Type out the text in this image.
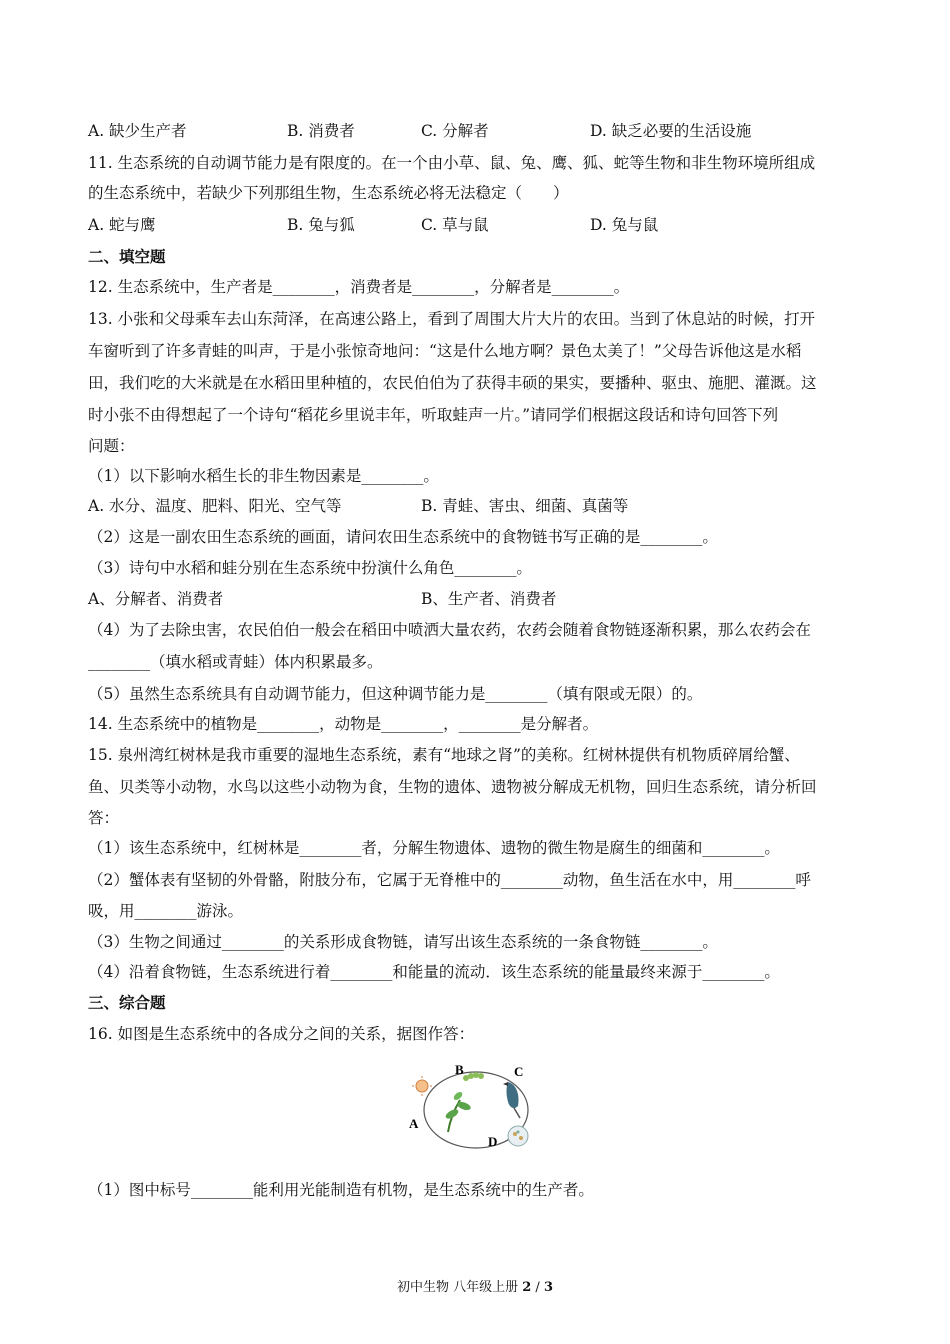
A. 缺少生产者	B. 消费者	C. 分解者	D. 缺乏必要的生活设施
11. 生态系统的自动调节能力是有限度的。在一个由小草、鼠、兔、鹰、狐、蛇等生物和非生物环境所组成
的生态系统中，若缺少下列那组生物，生态系统必将无法稳定（　　）
A. 蛇与鹰	B. 兔与狐	C. 草与鼠	D. 兔与鼠
二、填空题
12. 生态系统中，生产者是________，消费者是________，分解者是________。
13. 小张和父母乘车去山东菏泽，在高速公路上，看到了周围大片大片的农田。当到了休息站的时候，打开
车窗听到了许多青蛙的叫声，于是小张惊奇地问：“这是什么地方啊？景色太美了！”父母告诉他这是水稻
田，我们吃的大米就是在水稻田里种植的，农民伯伯为了获得丰硕的果实，要播种、驱虫、施肥、灌溉。这
时小张不由得想起了一个诗句“稻花乡里说丰年，听取蛙声一片。”请同学们根据这段话和诗句回答下列
问题：
（1）以下影响水稻生长的非生物因素是________。
A. 水分、温度、肥料、阳光、空气等	B. 青蛙、害虫、细菌、真菌等
（2）这是一副农田生态系统的画面，请问农田生态系统中的食物链书写正确的是________。
（3）诗句中水稻和蛙分别在生态系统中扮演什么角色________。
A、分解者、消费者	B、生产者、消费者
（4）为了去除虫害，农民伯伯一般会在稻田中喷洒大量农药，农药会随着食物链逐渐积累，那么农药会在
________（填水稻或青蛙）体内积累最多。
（5）虽然生态系统具有自动调节能力，但这种调节能力是________（填有限或无限）的。
14. 生态系统中的植物是________，动物是________，________是分解者。
15. 泉州湾红树林是我市重要的湿地生态系统，素有“地球之肾”的美称。红树林提供有机物质碎屑给蟹、
鱼、贝类等小动物，水鸟以这些小动物为食，生物的遗体、遗物被分解成无机物，回归生态系统，请分析回
答：
（1）该生态系统中，红树林是________者，分解生物遗体、遗物的微生物是腐生的细菌和________。
（2）蟹体表有坚韧的外骨骼，附肢分布，它属于无脊椎中的________动物，鱼生活在水中，用________呼
吸，用________游泳。
（3）生物之间通过________的关系形成食物链，请写出该生态系统的一条食物链________。
（4）沿着食物链，生态系统进行着________和能量的流动．该生态系统的能量最终来源于________。
三、综合题
16. 如图是生态系统中的各成分之间的关系，据图作答：
A
B	C
D
（1）图中标号________能利用光能制造有机物，是生态系统中的生产者。
初中生物 八年级上册 2 / 3
